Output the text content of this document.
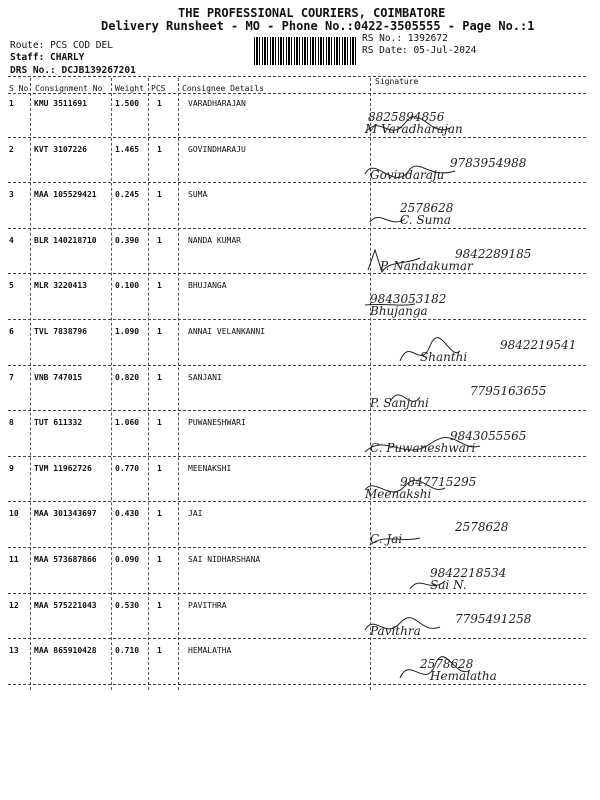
THE PROFESSIONAL COURIERS, COIMBATORE
Delivery Runsheet - MO - Phone No.:0422-3505555 - Page No.:1
Route: PCS COD DEL
Staff: CHARLY
DRS No.: DCJB139267201
RS No.: 1392672
RS Date: 05-Jul-2024
S No Consignment No Weight PCS Consignee Details
Signature
1	KMU 3511691	1.500 1	VARADHARAJAN
M Varadharajan
8825894856
2	KVT 3107226	1.465 1	GOVINDHARAJU
Govindaraju
9783954988
3	MAA 105529421 0.245 1	SUMA
C. Suma
2578628
4	BLR 140218710 0.390 1	NANDA KUMAR
P. Nandakumar
9842289185
5	MLR 3220413	0.100 1	BHUJANGA
Bhujanga
9843053182
6	TVL 7838796	1.090 1	ANNAI VELANKANNI
Shanthi
9842219541
7	VNB 747015	0.820 1	SANJANI
P. Sanjani
7795163655
8	TUT 611332	1.060 1	PUWANESHWARI
C. Puwaneshwari
9843055565
9	TVM 11962726	0.770 1	MEENAKSHI
Meenakshi
9847715295
10 MAA 301343697 0.430 1	JAI
C. Jai
2578628
11 MAA 573687866 0.090 1	SAI NIDHARSHANA
Sai N.
9842218534
12 MAA 575221043 0.530 1	PAVITHRA
Pavithra
7795491258
13 MAA 865910428 0.710 1	HEMALATHA
Hemalatha
2578628
